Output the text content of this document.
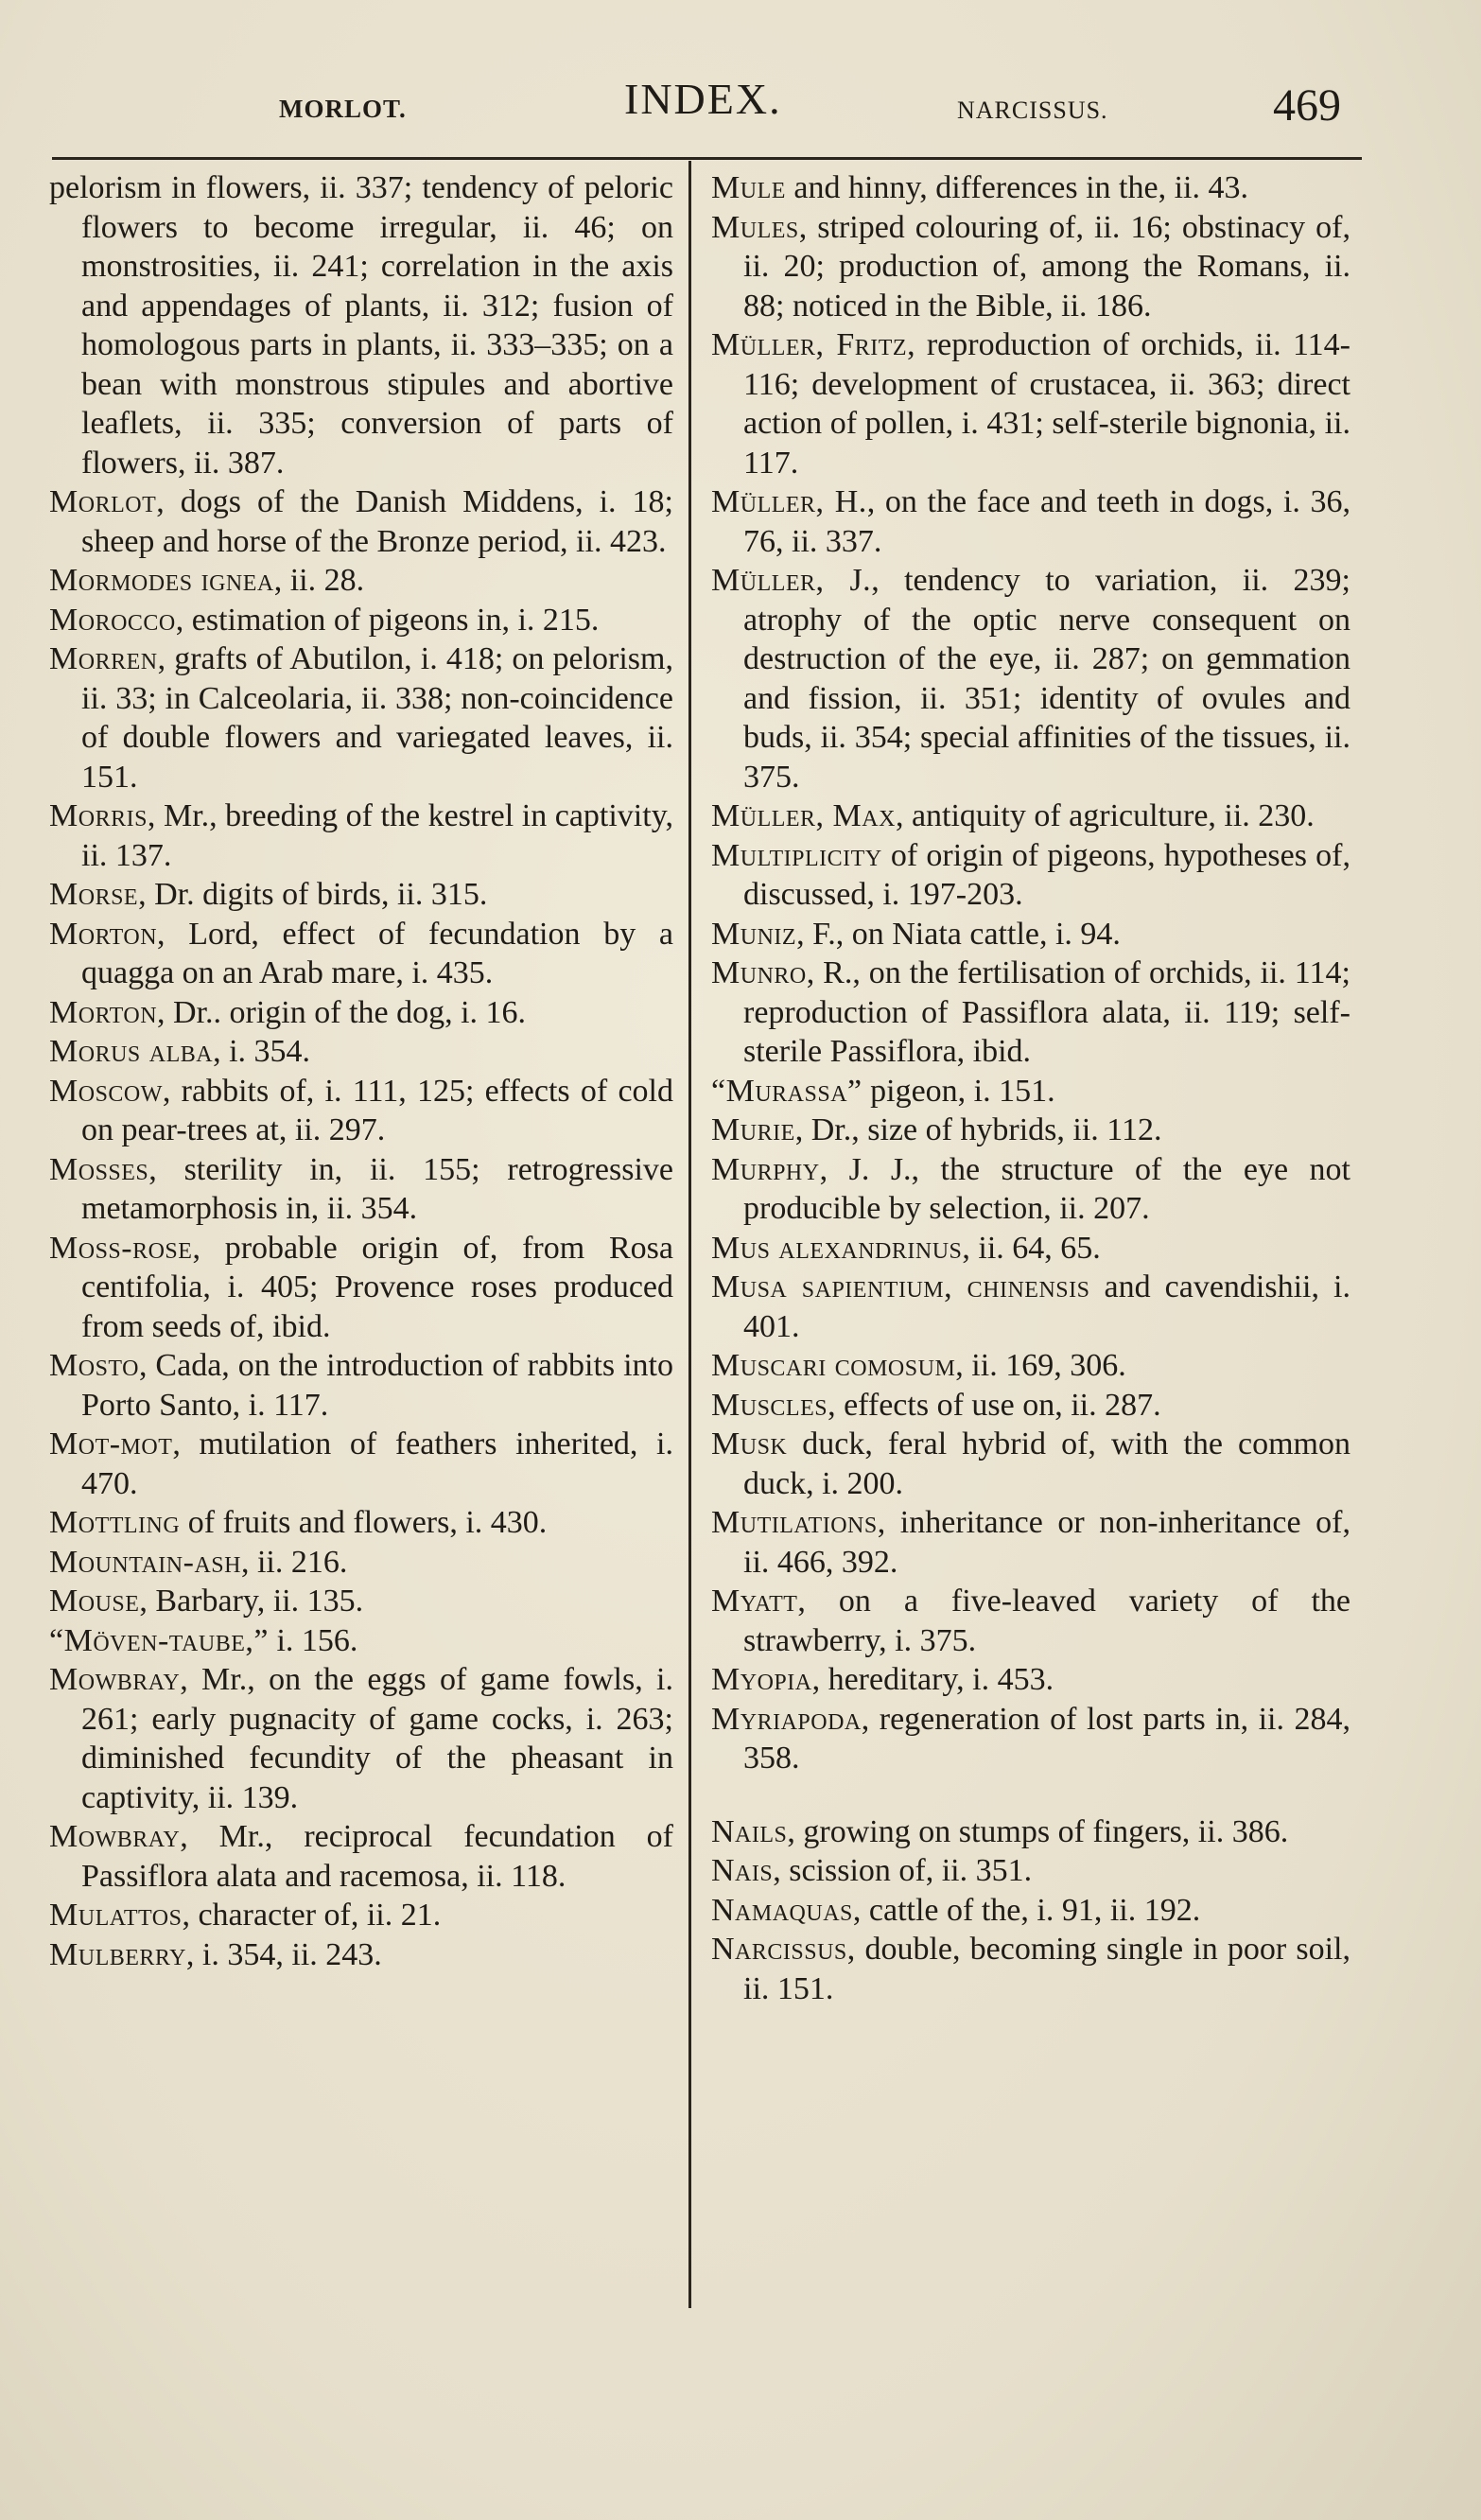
MORLOT.	INDEX.	NARCISSUS.	469

pelorism in flowers, ii. 337; tendency of peloric flowers to become irregular, ii. 46; on monstrosities, ii. 241; correlation in the axis and appendages of plants, ii. 312; fusion of homologous parts in plants, ii. 333–335; on a bean with monstrous stipules and abortive leaflets, ii. 335; conversion of parts of flowers, ii. 387.

Morlot, dogs of the Danish Middens, i. 18; sheep and horse of the Bronze period, ii. 423.

Mormodes ignea, ii. 28.

Morocco, estimation of pigeons in, i. 215.

Morren, grafts of Abutilon, i. 418; on pelorism, ii. 33; in Calceolaria, ii. 338; non-coincidence of double flowers and variegated leaves, ii. 151.

Morris, Mr., breeding of the kestrel in captivity, ii. 137.

Morse, Dr. digits of birds, ii. 315.

Morton, Lord, effect of fecundation by a quagga on an Arab mare, i. 435.

Morton, Dr.. origin of the dog, i. 16.

Morus alba, i. 354.

Moscow, rabbits of, i. 111, 125; effects of cold on pear-trees at, ii. 297.

Mosses, sterility in, ii. 155; retrogressive metamorphosis in, ii. 354.

Moss-rose, probable origin of, from Rosa centifolia, i. 405; Provence roses produced from seeds of, ibid.

Mosto, Cada, on the introduction of rabbits into Porto Santo, i. 117.

Mot-mot, mutilation of feathers inherited, i. 470.

Mottling of fruits and flowers, i. 430.

Mountain-ash, ii. 216.

Mouse, Barbary, ii. 135.

“Möven-taube,” i. 156.

Mowbray, Mr., on the eggs of game fowls, i. 261; early pugnacity of game cocks, i. 263; diminished fecundity of the pheasant in captivity, ii. 139.

Mowbray, Mr., reciprocal fecundation of Passiflora alata and racemosa, ii. 118.

Mulattos, character of, ii. 21.

Mulberry, i. 354, ii. 243.

Mule and hinny, differences in the, ii. 43.

Mules, striped colouring of, ii. 16; obstinacy of, ii. 20; production of, among the Romans, ii. 88; noticed in the Bible, ii. 186.

Müller, Fritz, reproduction of orchids, ii. 114-116; development of crustacea, ii. 363; direct action of pollen, i. 431; self-sterile bignonia, ii. 117.

Müller, H., on the face and teeth in dogs, i. 36, 76, ii. 337.

Müller, J., tendency to variation, ii. 239; atrophy of the optic nerve consequent on destruction of the eye, ii. 287; on gemmation and fission, ii. 351; identity of ovules and buds, ii. 354; special affinities of the tissues, ii. 375.

Müller, Max, antiquity of agriculture, ii. 230.

Multiplicity of origin of pigeons, hypotheses of, discussed, i. 197-203.

Muniz, F., on Niata cattle, i. 94.

Munro, R., on the fertilisation of orchids, ii. 114; reproduction of Passiflora alata, ii. 119; self-sterile Passiflora, ibid.

“Murassa” pigeon, i. 151.

Murie, Dr., size of hybrids, ii. 112.

Murphy, J. J., the structure of the eye not producible by selection, ii. 207.

Mus alexandrinus, ii. 64, 65.

Musa sapientium, chinensis and cavendishii, i. 401.

Muscari comosum, ii. 169, 306.

Muscles, effects of use on, ii. 287.

Musk duck, feral hybrid of, with the common duck, i. 200.

Mutilations, inheritance or non-inheritance of, ii. 466, 392.

Myatt, on a five-leaved variety of the strawberry, i. 375.

Myopia, hereditary, i. 453.

Myriapoda, regeneration of lost parts in, ii. 284, 358.

Nails, growing on stumps of fingers, ii. 386.

Nais, scission of, ii. 351.

Namaquas, cattle of the, i. 91, ii. 192.

Narcissus, double, becoming single in poor soil, ii. 151.
